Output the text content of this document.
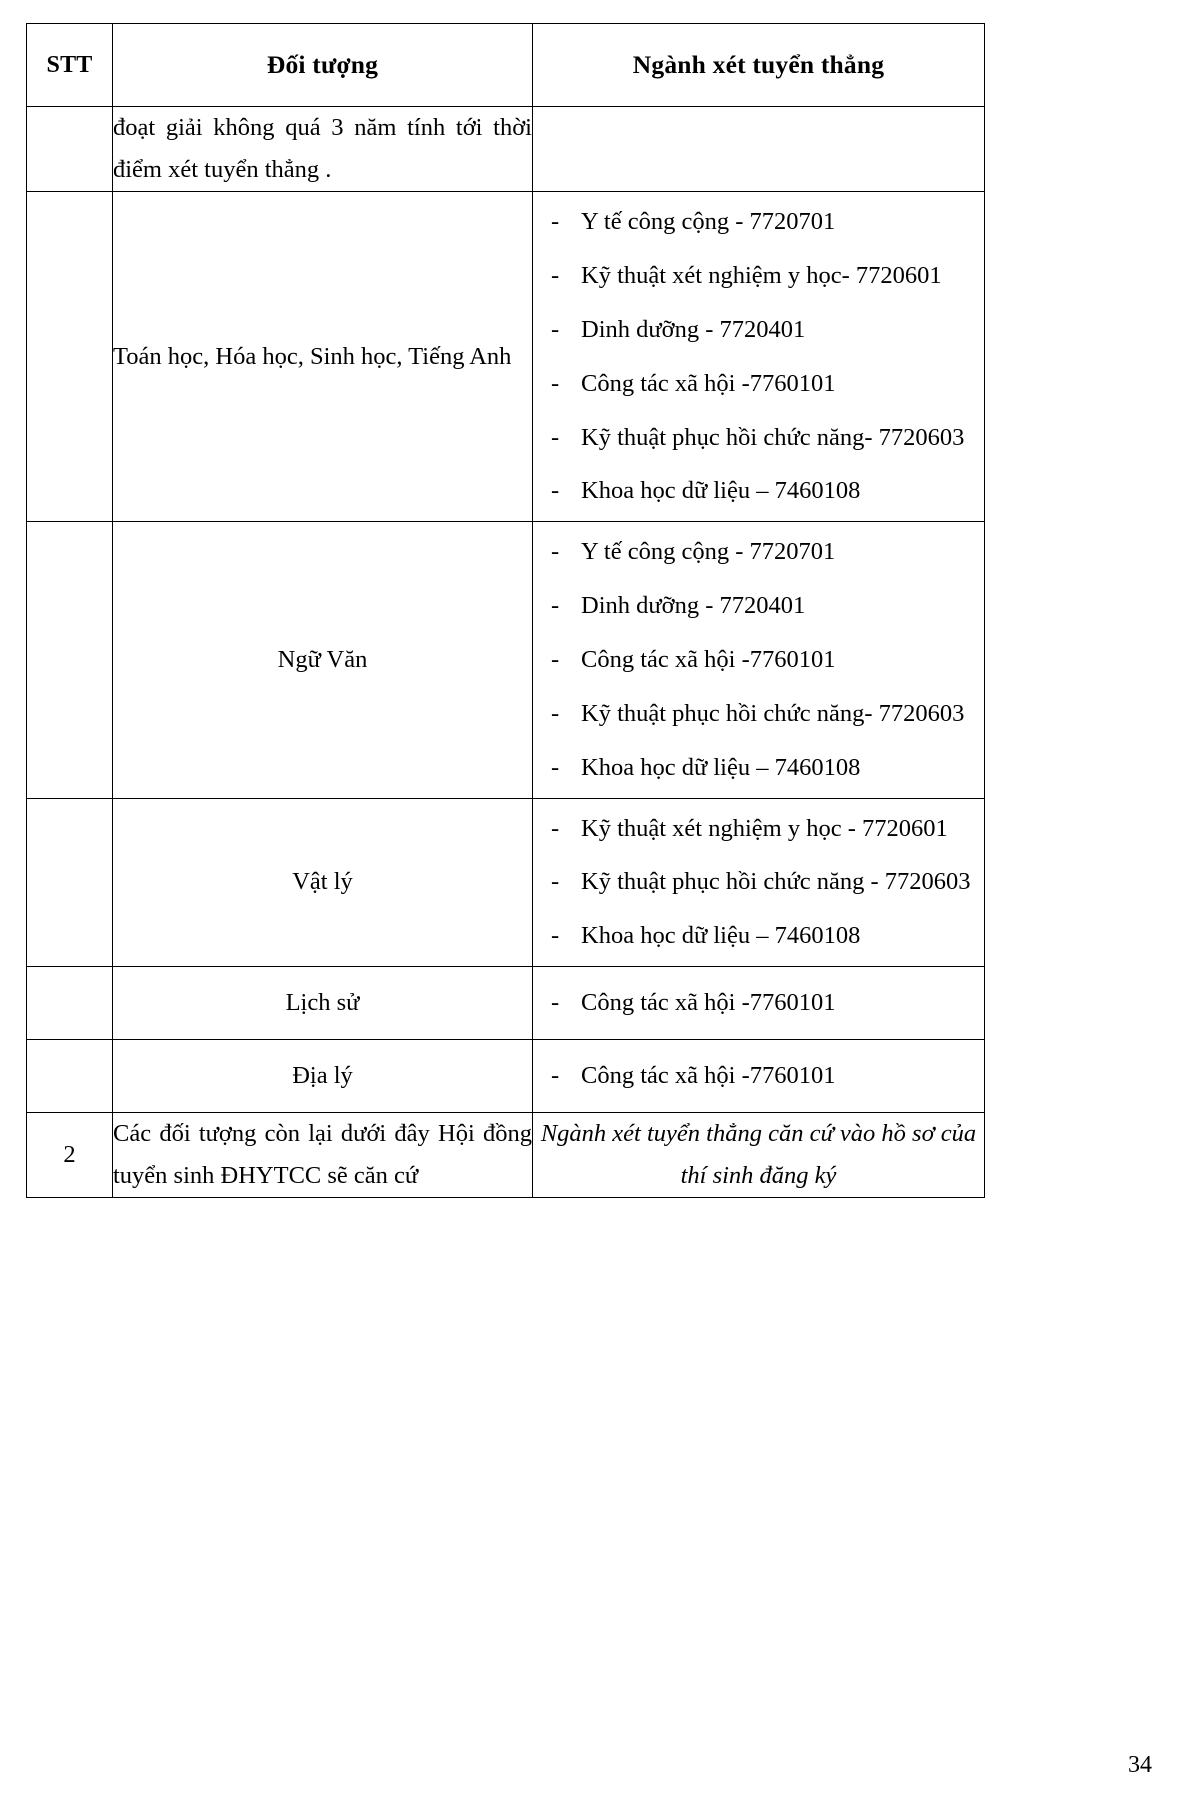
STT	Đối tượng	Ngành xét tuyển thẳng
	đoạt giải không quá 3 năm tính tới thời điểm xét tuyển thẳng .	
	Toán học, Hóa học, Sinh học, Tiếng Anh	
- Y tế công cộng - 7720701
- Kỹ thuật xét nghiệm y học- 7720601
- Dinh dưỡng - 7720401
- Công tác xã hội -7760101
- Kỹ thuật phục hồi chức năng- 7720603
- Khoa học dữ liệu – 7460108

	Ngữ Văn	
- Y tế công cộng - 7720701
- Dinh dưỡng - 7720401
- Công tác xã hội -7760101
- Kỹ thuật phục hồi chức năng- 7720603
- Khoa học dữ liệu – 7460108

	Vật lý	
- Kỹ thuật xét nghiệm y học - 7720601
- Kỹ thuật phục hồi chức năng - 7720603
- Khoa học dữ liệu – 7460108

	Lịch sử	
-Công tác xã hội -7760101

	Địa lý	
-Công tác xã hội -7760101

2	Các đối tượng còn lại dưới đây Hội đồng tuyển sinh ĐHYTCC sẽ căn cứ	Ngành xét tuyển thẳng căn cứ vào hồ sơ của thí sinh đăng ký
34
